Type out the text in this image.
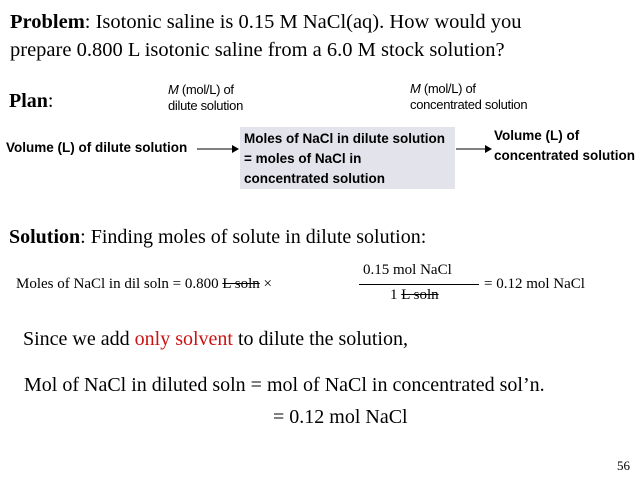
Problem: Isotonic saline is 0.15 M NaCl(aq). How would you
prepare 0.800 L isotonic saline from a 6.0 M stock solution?
Plan:
M (mol/L) of
dilute solution
M (mol/L) of
concentrated solution
Volume (L) of dilute solution
Moles of NaCl in dilute solution
= moles of NaCl in
concentrated solution
Volume (L) of
concentrated solution
Solution: Finding moles of solute in dilute solution:
Moles of NaCl in dil soln = 0.800 L soln ×
0.15 mol NaCl
1 L soln
= 0.12 mol NaCl
Since we add only solvent to dilute the solution,
Mol of NaCl in diluted soln = mol of NaCl in concentrated sol’n.
= 0.12 mol NaCl
56
